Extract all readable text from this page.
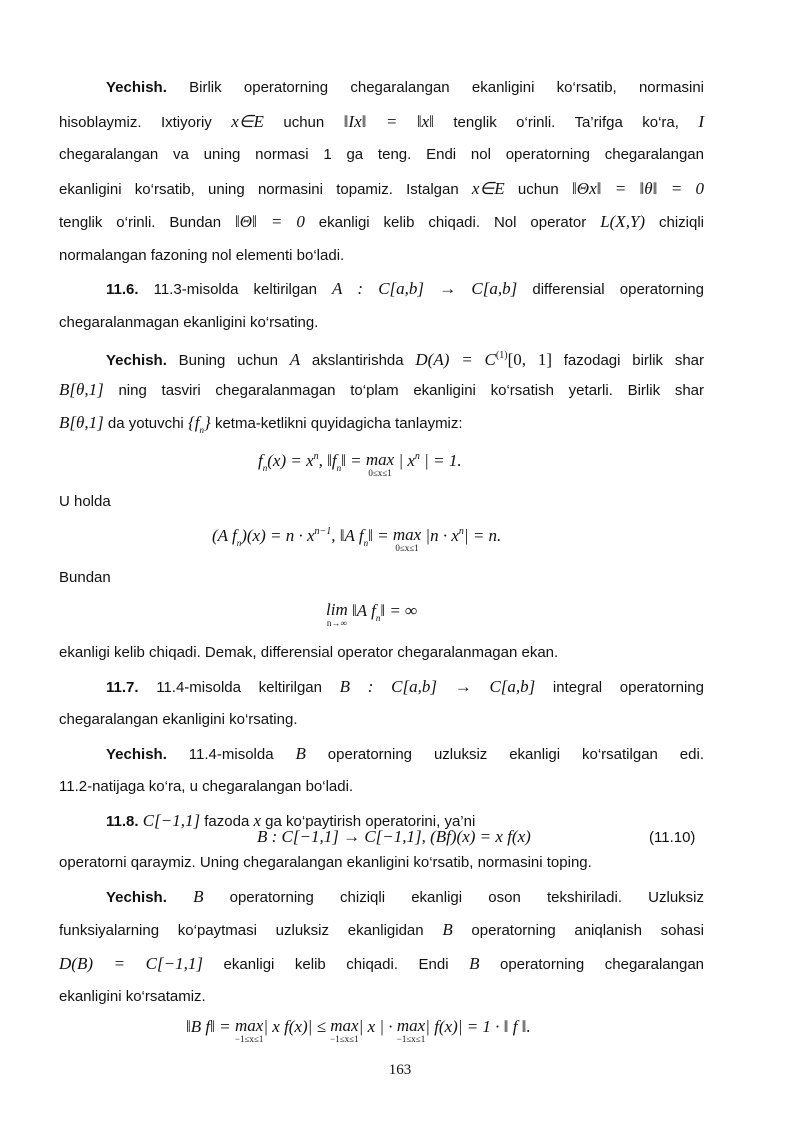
Yechish. Birlik operatorning chegaralangan ekanligini ko‘rsatib, normasini
hisoblaymiz. Ixtiyoriy x∈E uchun ‖Ix‖ = ‖x‖ tenglik o‘rinli. Ta’rifga ko‘ra, I
chegaralangan va uning normasi 1 ga teng. Endi nol operatorning chegaralangan
ekanligini ko‘rsatib, uning normasini topamiz. Istalgan x∈E uchun ‖Θx‖ = ‖θ‖ = 0
tenglik o‘rinli. Bundan ‖Θ‖ = 0 ekanligi kelib chiqadi. Nol operator L(X,Y) chiziqli
normalangan fazoning nol elementi bo‘ladi.
11.6. 11.3-misolda keltirilgan A : C[a,b] → C[a,b] differensial operatorning
chegaralanmagan ekanligini ko‘rsating.
Yechish. Buning uchun A akslantirishda $D(A) = C^{(1)}[0$, 1] fazodagi birlik shar
B[θ,1] ning tasviri chegaralanmagan to‘plam ekanligini ko‘rsatish yetarli. Birlik shar
B[θ,1] da yotuvchi $\{f_n\}$ ketma-ketlikni quyidagicha tanlaymiz:
$f_n(x) = x^n$, $‖f_n‖ = \max$
0≤x≤1
| $x^n$ | = 1.
U holda
(A $f_n)(x) = n \cdot x^{n-1}$, ‖A $f_n‖ = \max$
0≤x≤1
$|n \cdot x^n| = n$.
Bundan
lim
n→∞
‖A $f_n‖$ = ∞
ekanligi kelib chiqadi. Demak, differensial operator chegaralanmagan ekan.
11.7. 11.4-misolda keltirilgan B : C[a,b] → C[a,b] integral operatorning
chegaralangan ekanligini ko‘rsating.
Yechish. 11.4-misolda B operatorning uzluksiz ekanligi ko‘rsatilgan edi.
11.2-natijaga ko‘ra, u chegaralangan bo‘ladi.
11.8. C[−1,1] fazoda x ga ko‘paytirish operatorini, ya’ni
B : C[−1,1] → C[−1,1], (Bf)(x) = x f(x)	(11.10)
operatorni qaraymiz. Uning chegaralangan ekanligini ko‘rsatib, normasini toping.
Yechish. B operatorning chiziqli ekanligi oson tekshiriladi. Uzluksiz
funksiyalarning ko‘paytmasi uzluksiz ekanligidan B operatorning aniqlanish sohasi
D(B) = C[−1,1] ekanligi kelib chiqadi. Endi B operatorning chegaralangan
ekanligini ko‘rsatamiz.
‖B f‖ = max
−1≤x≤1
| x f(x)| ≤ max
−1≤x≤1
| x | · max
−1≤x≤1
| f(x)| = 1 · ‖ f ‖.
163
